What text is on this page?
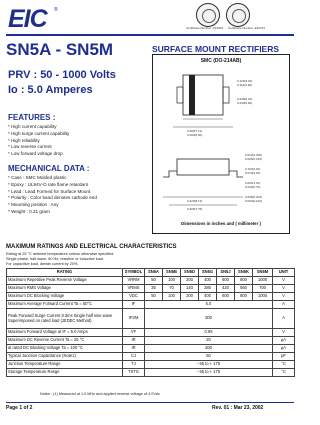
EIC ®
Certificate Number: Q10501	Certificate Number: E10701
SN5A - SN5M	SURFACE MOUNT RECTIFIERS
PRV : 50 - 1000 Volts
Io : 5.0 Amperes
FEATURES :
* High current capability
* High surge current capability
* High reliability
* Low reverse current
* Low forward voltage drop
MECHANICAL DATA :
* Case : SMC Molded plastic
* Epoxy : UL94V-O rate flame retardant
* Lead : Lead Formed for Surface Mount
* Polarity : Color band denotes cathode end
* Mounting position : Any
* Weight : 0.21 gram
SMC (DO-214AB)
0.126(3.20)
0.114(2.90)
0.246(6.22)
0.230(5.84)
0.280(7.11)
0.260(6.60)
0.012(0.305)
0.006(0.152)
0.103(2.62)
0.079(2.00)
0.060(1.52)
0.030(0.76)
0.320(8.13)
0.305(7.75)
0.008(0.203)
0.004(0.102)
Dimensions in inches and ( millimeter )
MAXIMUM RATINGS AND ELECTRICAL CHARACTERISTICS
Rating at 25 °C ambient temperature unless otherwise specified.
Single phase, half wave, 60 Hz, resistive or inductive load.
For capacitive load, derate current by 20%.
RATING	SYMBOL	SN5A	SN5B	SN5D	SN5G	SN5J	SN5K	SN5M	UNIT
Maximum Repetitive Peak Reverse Voltage	VRRM	50	100	200	400	600	800	1000	V
Maximum RMS Voltage	VRMS	35	70	140	280	420	560	700	V
Maximum DC Blocking Voltage	VDC	50	100	200	400	600	800	1000	V
Maximum Average Forward Current Ta = 50°C	IF	5.0							A
Peak Forward Surge Current 8.3ms Single half sine wave Superimposed on rated load (JEDEC Method)	IFSM	300							A
Maximum Forward Voltage at IF = 5.0 Amps	VF	0.95							V
Maximum DC Reverse Current Ta = 25 °C	IR	20							µA
at rated DC Blocking Voltage Ta = 100 °C	IR	200							µA
Typical Junction Capacitance (Note1)	CJ	50							pF
Junction Temperature Range	TJ	- 65 to + 175							°C
Storage Temperature Range	TSTG	- 65 to + 175							°C
Notes : (1) Measured at 1.0 MHz and applied reverse voltage of 4.0Vdc
Page 1 of 2	Rev. 01 : Mar 23, 2002
